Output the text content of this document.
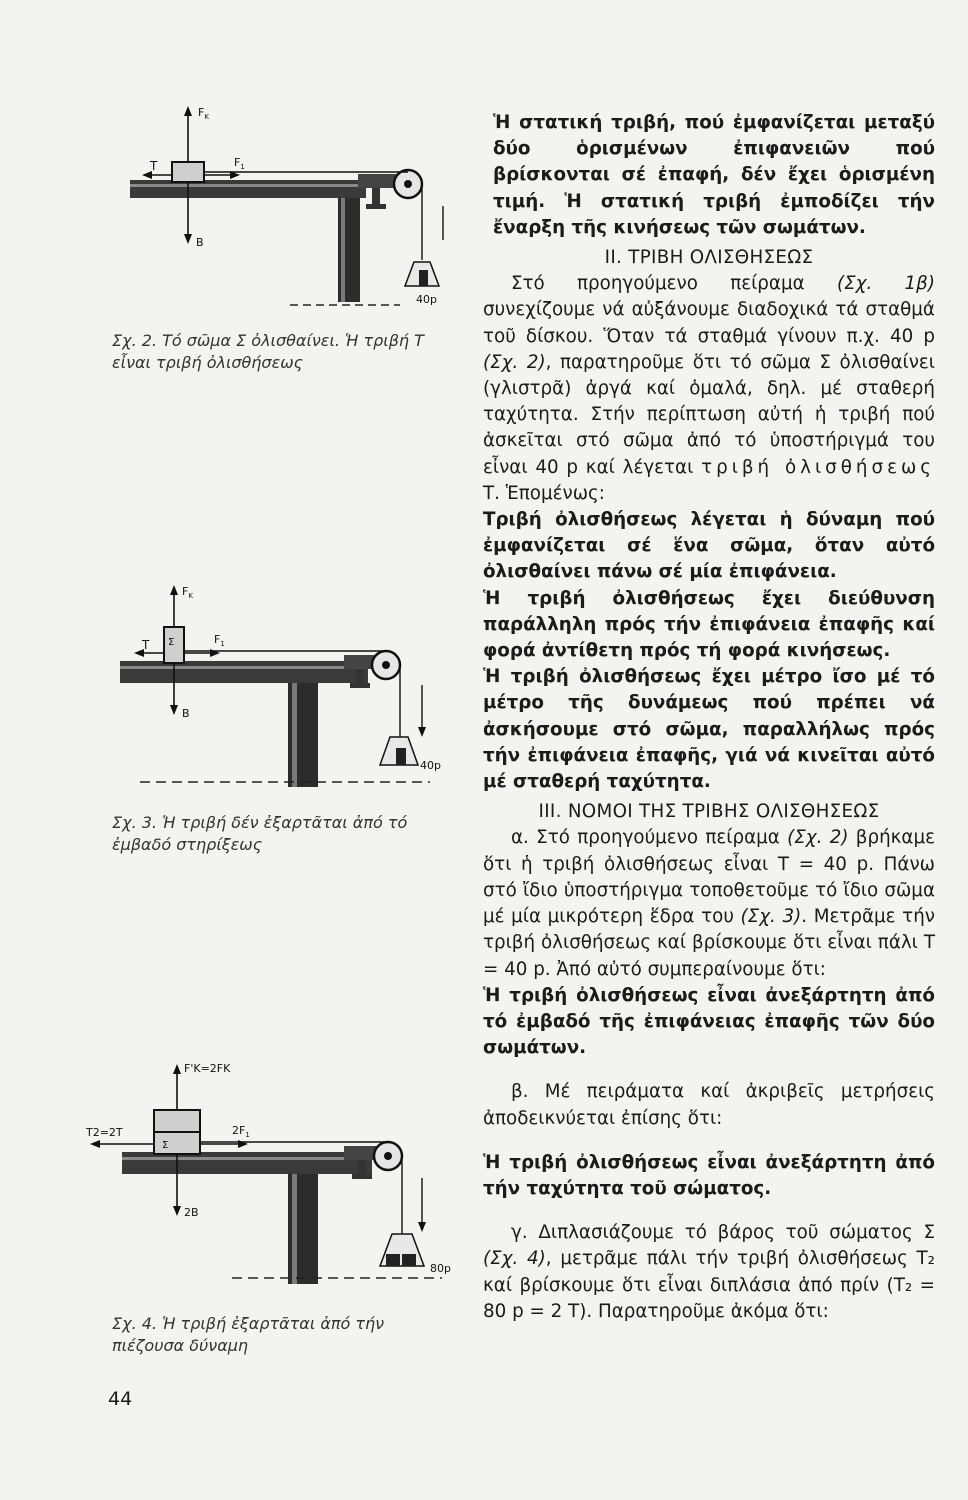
$F_K$
$F_1$
T
B
40p
Σχ. 2. Τό σῶμα Σ ὀλισθαίνει. Ἡ τριβή Τ εἶναι τριβή ὀλισθήσεως
Σ
$F_K$
$F_1$
T
B
40p
Σχ. 3. Ἡ τριβή δέν ἐξαρτᾶται ἀπό τό ἐμβαδό στηρίξεως
Σ
F'K=2FK
$2F_1$
T2=2T
2B
80p
Σχ. 4. Ἡ τριβή ἐξαρτᾶται ἀπό τήν πιέζουσα δύναμη

Ἡ στατική τριβή, πού ἐμφανίζεται μεταξύ δύο ὁρισμένων ἐπιφανειῶν πού βρίσκονται σέ ἐπαφή, δέν ἔχει ὁρισμένη τιμή. Ἡ στατική τριβή ἐμποδίζει τήν ἔναρξη τῆς κινήσεως τῶν σωμάτων.

II. ΤΡΙΒΗ ΟΛΙΣΘΗΣΕΩΣ

Στό προηγούμενο πείραμα (Σχ. 1β) συνεχίζουμε νά αὐξάνουμε διαδοχικά τά σταθμά τοῦ δίσκου. Ὅταν τά σταθμά γίνουν π.χ. 40 p (Σχ. 2), παρατηροῦμε ὅτι τό σῶμα Σ ὀλισθαίνει (γλιστρᾶ) ἀργά καί ὁμαλά, δηλ. μέ σταθερή ταχύτητα. Στήν περίπτωση αὐτή ἡ τριβή πού ἀσκεῖται στό σῶμα ἀπό τό ὑποστήριγμά του εἶναι 40 p καί λέγεται τριβή ὀλισθήσεως Τ. Ἑπομένως:

Τριβή ὀλισθήσεως λέγεται ἡ δύναμη πού ἐμφανίζεται σέ ἕνα σῶμα, ὅταν αὐτό ὀλισθαίνει πάνω σέ μία ἐπιφάνεια.

Ἡ τριβή ὀλισθήσεως ἔχει διεύθυνση παράλληλη πρός τήν ἐπιφάνεια ἐπαφῆς καί φορά ἀντίθετη πρός τή φορά κινήσεως.

Ἡ τριβή ὀλισθήσεως ἔχει μέτρο ἴσο μέ τό μέτρο τῆς δυνάμεως πού πρέπει νά ἀσκήσουμε στό σῶμα, παραλλήλως πρός τήν ἐπιφάνεια ἐπαφῆς, γιά νά κινεῖται αὐτό μέ σταθερή ταχύτητα.

III. ΝΟΜΟΙ ΤΗΣ ΤΡΙΒΗΣ ΟΛΙΣΘΗΣΕΩΣ

α. Στό προηγούμενο πείραμα (Σχ. 2) βρήκαμε ὅτι ἡ τριβή ὀλισθήσεως εἶναι Τ = 40 p. Πάνω στό ἴδιο ὑποστήριγμα τοποθετοῦμε τό ἴδιο σῶμα μέ μία μικρότερη ἕδρα του (Σχ. 3). Μετρᾶμε τήν τριβή ὀλισθήσεως καί βρίσκουμε ὅτι εἶναι πάλι Τ = 40 p. Ἀπό αὐτό συμπεραίνουμε ὅτι:

Ἡ τριβή ὀλισθήσεως εἶναι ἀνεξάρτητη ἀπό τό ἐμβαδό τῆς ἐπιφάνειας ἐπαφῆς τῶν δύο σωμάτων.

β. Μέ πειράματα καί ἀκριβεῖς μετρήσεις ἀποδεικνύεται ἐπίσης ὅτι:

Ἡ τριβή ὀλισθήσεως εἶναι ἀνεξάρτητη ἀπό τήν ταχύτητα τοῦ σώματος.

γ. Διπλασιάζουμε τό βάρος τοῦ σώματος Σ (Σχ. 4), μετρᾶμε πάλι τήν τριβή ὀλισθήσεως Τ₂ καί βρίσκουμε ὅτι εἶναι διπλάσια ἀπό πρίν (Τ₂ = 80 p = 2 Τ). Παρατηροῦμε ἀκόμα ὅτι:

44
